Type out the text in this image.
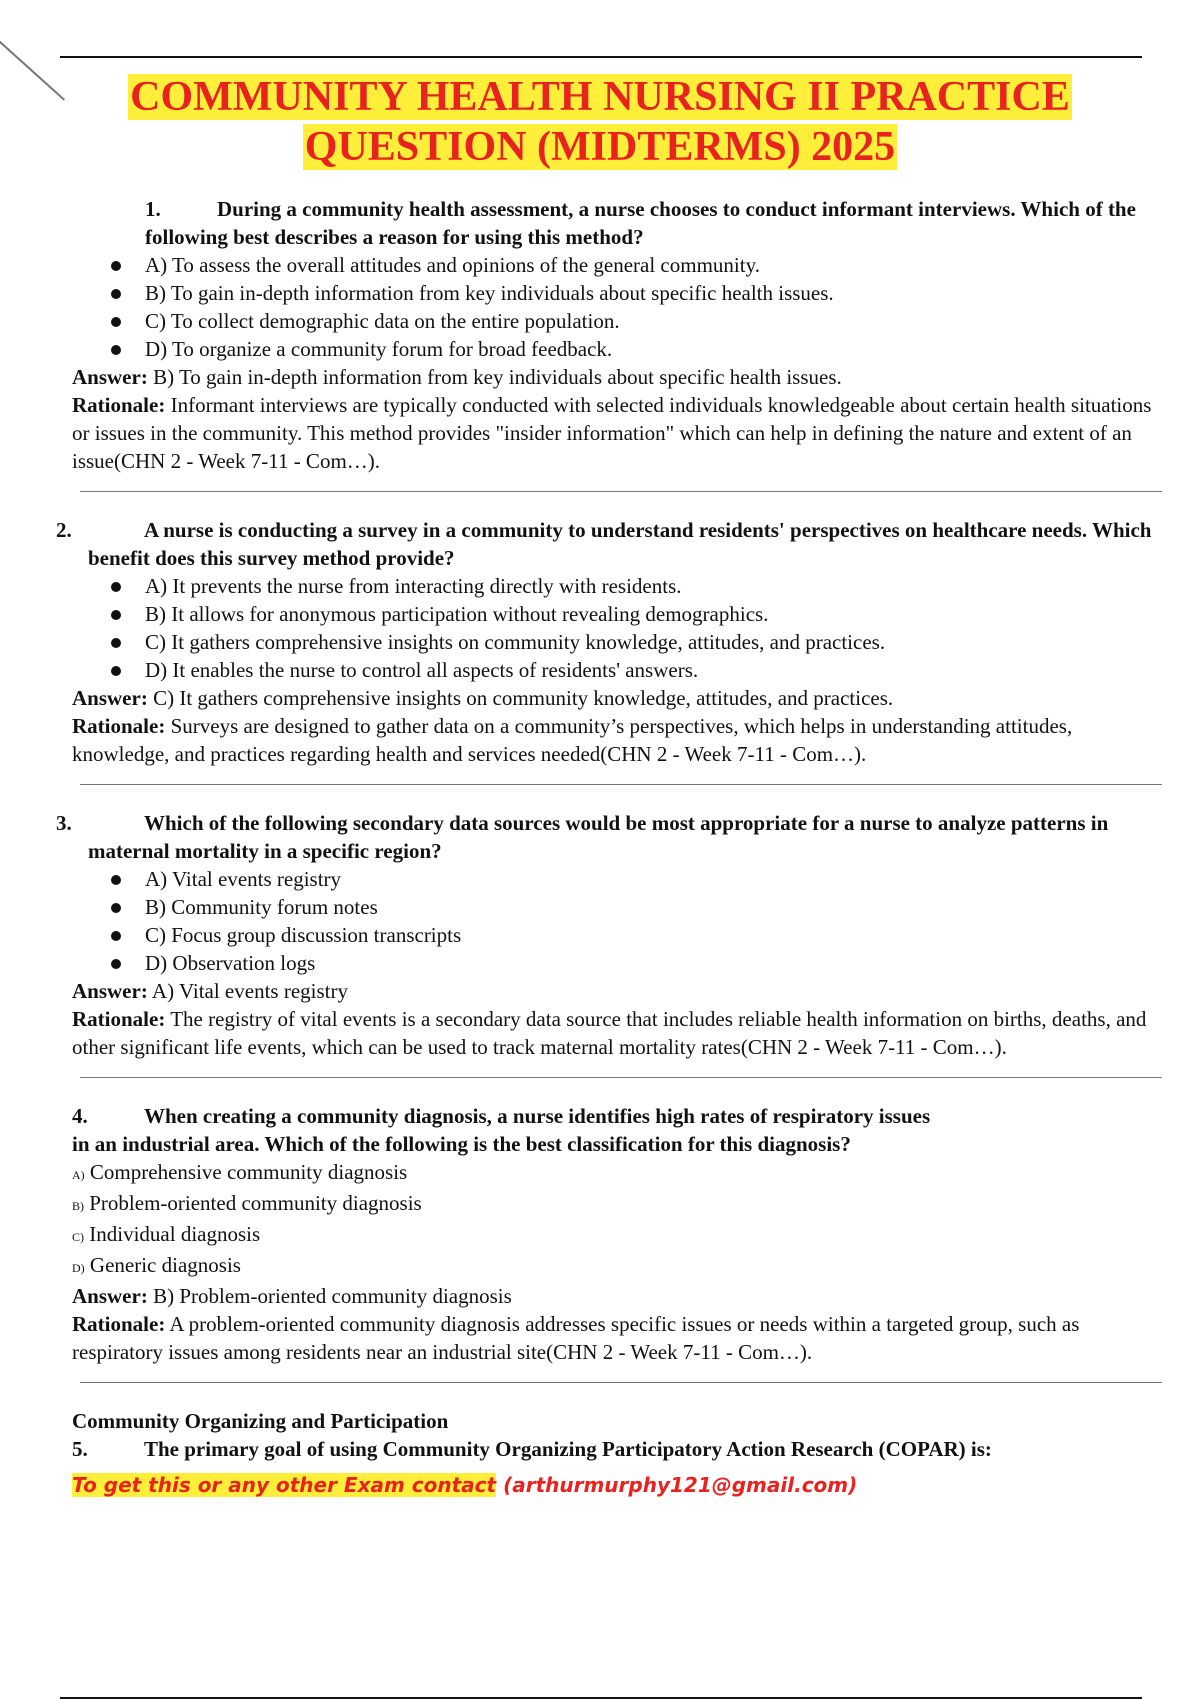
COMMUNITY HEALTH NURSING II PRACTICE
QUESTION (MIDTERMS) 2025
1.	During a community health assessment, a nurse chooses to conduct informant interviews. Which of the following best describes a reason for using this method?
A) To assess the overall attitudes and opinions of the general community.
B) To gain in-depth information from key individuals about specific health issues.
C) To collect demographic data on the entire population.
D) To organize a community forum for broad feedback.
Answer: B) To gain in-depth information from key individuals about specific health issues.
Rationale: Informant interviews are typically conducted with selected individuals knowledgeable about certain health situations or issues in the community. This method provides "insider information" which can help in defining the nature and extent of an issue(CHN 2 - Week 7-11 - Com…).
2.	A nurse is conducting a survey in a community to understand residents' perspectives on healthcare needs. Which benefit does this survey method provide?
A) It prevents the nurse from interacting directly with residents.
B) It allows for anonymous participation without revealing demographics.
C) It gathers comprehensive insights on community knowledge, attitudes, and practices.
D) It enables the nurse to control all aspects of residents' answers.
Answer: C) It gathers comprehensive insights on community knowledge, attitudes, and practices.
Rationale: Surveys are designed to gather data on a community’s perspectives, which helps in understanding attitudes, knowledge, and practices regarding health and services needed(CHN 2 - Week 7-11 - Com…).
3.	Which of the following secondary data sources would be most appropriate for a nurse to analyze patterns in maternal mortality in a specific region?
A) Vital events registry
B) Community forum notes
C) Focus group discussion transcripts
D) Observation logs
Answer: A) Vital events registry
Rationale: The registry of vital events is a secondary data source that includes reliable health information on births, deaths, and other significant life events, which can be used to track maternal mortality rates(CHN 2 - Week 7-11 - Com…).
4.	When creating a community diagnosis, a nurse identifies high rates of respiratory issues
in an industrial area. Which of the following is the best classification for this diagnosis?
A) Comprehensive community diagnosis
B) Problem-oriented community diagnosis
C) Individual diagnosis
D) Generic diagnosis
Answer: B) Problem-oriented community diagnosis
Rationale: A problem-oriented community diagnosis addresses specific issues or needs within a targeted group, such as respiratory issues among residents near an industrial site(CHN 2 - Week 7-11 - Com…).
Community Organizing and Participation
5.	The primary goal of using Community Organizing Participatory Action Research (COPAR) is:
To get this or any other Exam contact (arthurmurphy121@gmail.com)
